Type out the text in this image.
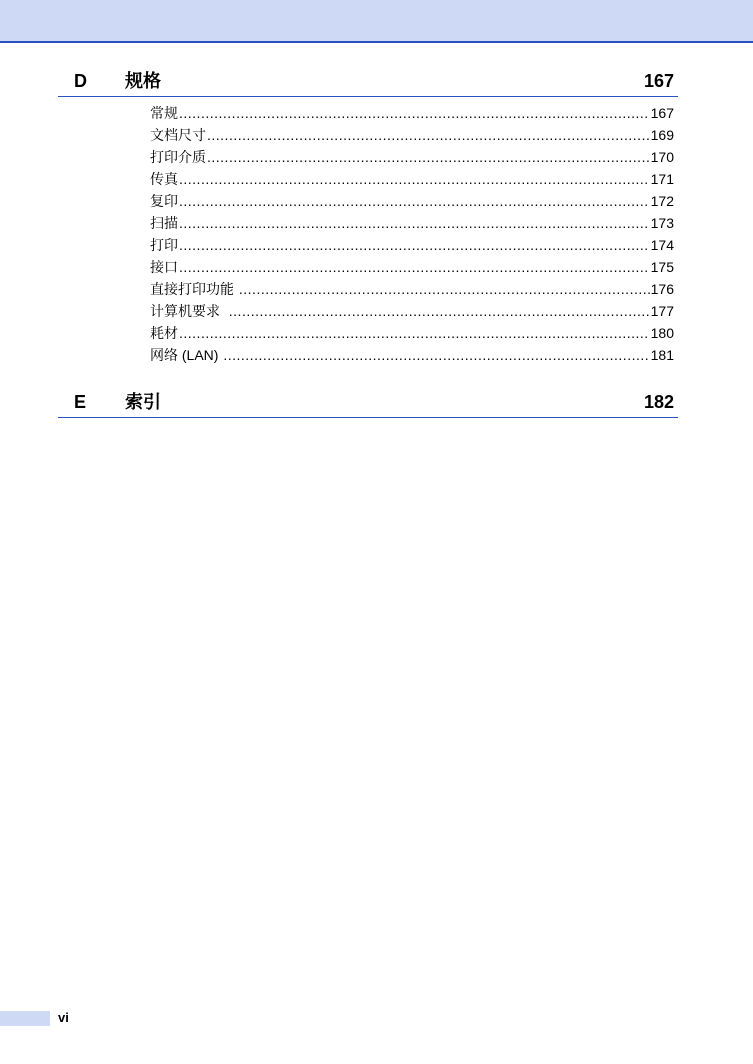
D 规格	167
常规 .....	167
文档尺寸 .....	169
打印介质 .....	170
传真 .....	171
复印 .....	172
扫描 .....	173
打印 .....	174
接口 .....	175
直接打印功能 .....	176
计算机要求 .....	177
耗材 .....	180
网络 (LAN) .....	181
E 索引	182
vi
